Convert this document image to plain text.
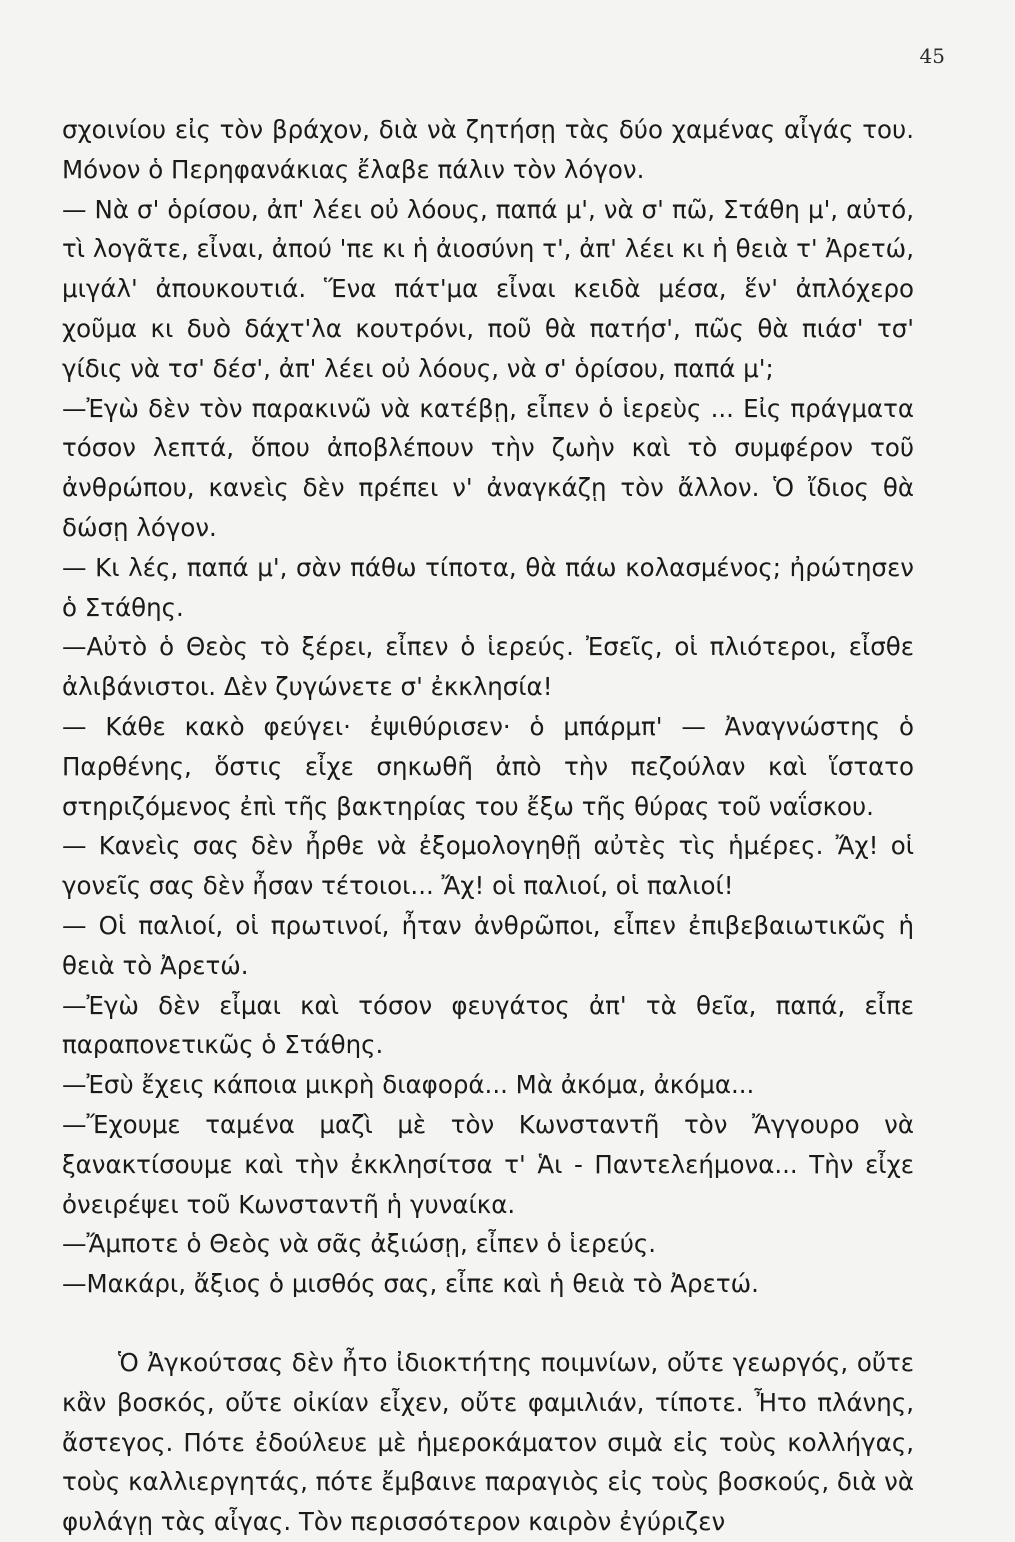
45

σχοινίου εἰς τὸν βράχον, διὰ νὰ ζητήσῃ τὰς δύο χαμένας αἶγάς του. Μόνον ὁ Περηφανάκιας ἔλαβε πάλιν τὸν λόγον.

— Νὰ σ' ὁρίσου, ἀπ' λέει οὐ λόους, παπά μ', νὰ σ' πῶ, Στάθη μ', αὐτό, τὶ λογᾶτε, εἶναι, ἀπού 'πε κι ἡ ἀιοσύνη τ', ἀπ' λέει κι ἡ θειὰ τ' Ἀρετώ, μιγάλ' ἀπουκουτιά. Ἕνα πάτ'μα εἶναι κειδὰ μέσα, ἕν' ἀπλόχερο χοῦμα κι δυὸ δάχτ'λα κουτρόνι, ποῦ θὰ πατήσ', πῶς θὰ πιάσ' τσ' γίδις νὰ τσ' δέσ', ἀπ' λέει οὐ λόους, νὰ σ' ὁρίσου, παπά μ';

—Ἐγὼ δὲν τὸν παρακινῶ νὰ κατέβῃ, εἶπεν ὁ ἱερεὺς ... Εἰς πράγματα τόσον λεπτά, ὅπου ἀποβλέπουν τὴν ζωὴν καὶ τὸ συμφέρον τοῦ ἀνθρώπου, κανεὶς δὲν πρέπει ν' ἀναγκάζῃ τὸν ἄλλον. Ὁ ἴδιος θὰ δώσῃ λόγον.

— Κι λές, παπά μ', σὰν πάθω τίποτα, θὰ πάω κολασμένος; ἠρώτησεν ὁ Στάθης.

—Αὐτὸ ὁ Θεὸς τὸ ξέρει, εἶπεν ὁ ἱερεύς. Ἐσεῖς, οἱ πλιότεροι, εἶσθε ἀλιβάνιστοι. Δὲν ζυγώνετε σ' ἐκκλησία!

— Κάθε κακὸ φεύγει· ἐψιθύρισεν· ὁ μπάρμπ' — Ἀναγνώστης ὁ Παρθένης, ὅστις εἶχε σηκωθῆ ἀπὸ τὴν πεζούλαν καὶ ἵστατο στηριζόμενος ἐπὶ τῆς βακτηρίας του ἔξω τῆς θύρας τοῦ ναΐσκου.

— Κανεὶς σας δὲν ἦρθε νὰ ἐξομολογηθῇ αὐτὲς τὶς ἡμέρες. Ἄχ! οἱ γονεῖς σας δὲν ἦσαν τέτοιοι... Ἄχ! οἱ παλιοί, οἱ παλιοί!

— Οἱ παλιοί, οἱ πρωτινοί, ἦταν ἀνθρῶποι, εἶπεν ἐπιβεβαιωτικῶς ἡ θειὰ τὸ Ἀρετώ.

—Ἐγὼ δὲν εἶμαι καὶ τόσον φευγάτος ἀπ' τὰ θεῖα, παπά, εἶπε παραπονετικῶς ὁ Στάθης.

—Ἐσὺ ἔχεις κάποια μικρὴ διαφορά... Μὰ ἀκόμα, ἀκόμα...

—Ἔχουμε ταμένα μαζὶ μὲ τὸν Κωνσταντῆ τὸν Ἄγγουρο νὰ ξανακτίσουμε καὶ τὴν ἐκκλησίτσα τ' Ἁι - Παντελεήμονα... Τὴν εἶχε ὀνειρέψει τοῦ Κωνσταντῆ ἡ γυναίκα.

—Ἄμποτε ὁ Θεὸς νὰ σᾶς ἀξιώσῃ, εἶπεν ὁ ἱερεύς.

—Μακάρι, ἄξιος ὁ μισθός σας, εἶπε καὶ ἡ θειὰ τὸ Ἀρετώ.

Ὁ Ἀγκούτσας δὲν ἦτο ἰδιοκτήτης ποιμνίων, οὔτε γεωργός, οὔτε κἂν βοσκός, οὔτε οἰκίαν εἶχεν, οὔτε φαμιλιάν, τίποτε. Ἦτο πλάνης, ἄστεγος. Πότε ἐδούλευε μὲ ἡμεροκάματον σιμὰ εἰς τοὺς κολλήγας, τοὺς καλλιεργητάς, πότε ἔμβαινε παραγιὸς εἰς τοὺς βοσκούς, διὰ νὰ φυλάγῃ τὰς αἶγας. Τὸν περισσότερον καιρὸν ἐγύριζεν
